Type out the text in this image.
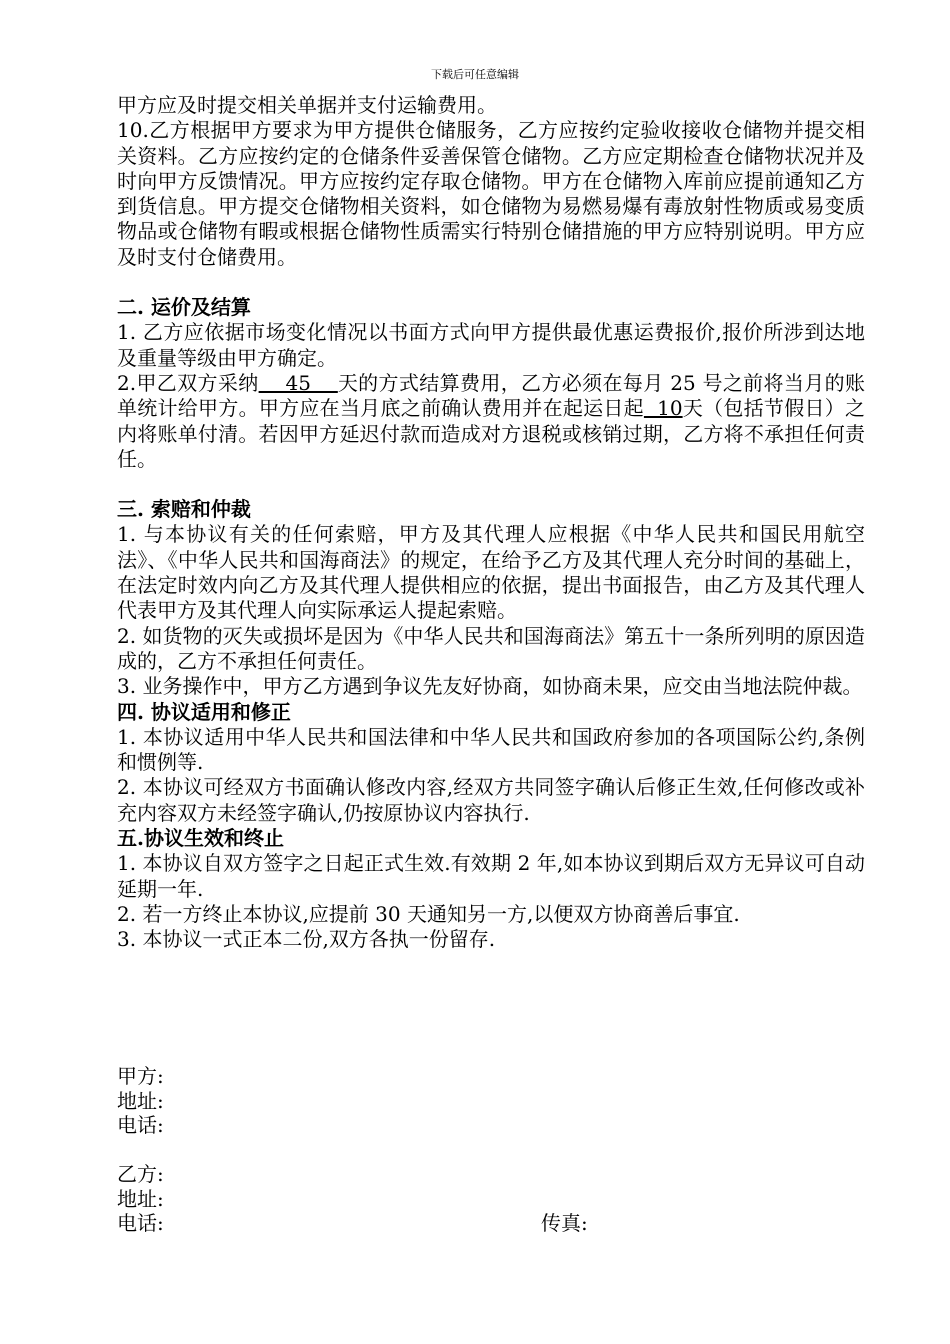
下载后可任意编辑

甲方应及时提交相关单据并支付运输费用。

10.乙方根据甲方要求为甲方提供仓储服务，乙方应按约定验收接收仓储物并提交相关资料。乙方应按约定的仓储条件妥善保管仓储物。乙方应定期检查仓储物状况并及时向甲方反馈情况。甲方应按约定存取仓储物。甲方在仓储物入库前应提前通知乙方到货信息。甲方提交仓储物相关资料，如仓储物为易燃易爆有毒放射性物质或易变质物品或仓储物有暇或根据仓储物性质需实行特别仓储措施的甲方应特别说明。甲方应及时支付仓储费用。

二. 运价及结算

1. 乙方应依据市场变化情况以书面方式向甲方提供最优惠运费报价,报价所涉到达地及重量等级由甲方确定。

2.甲乙双方采纳    45    天的方式结算费用，乙方必须在每月 25 号之前将当月的账单统计给甲方。甲方应在当月底之前确认费用并在起运日起  10天（包括节假日）之内将账单付清。若因甲方延迟付款而造成对方退税或核销过期，乙方将不承担任何责任。

三. 索赔和仲裁

1. 与本协议有关的任何索赔，甲方及其代理人应根据《中华人民共和国民用航空法》、《中华人民共和国海商法》的规定，在给予乙方及其代理人充分时间的基础上，在法定时效内向乙方及其代理人提供相应的依据，提出书面报告，由乙方及其代理人代表甲方及其代理人向实际承运人提起索赔。

2. 如货物的灭失或损坏是因为《中华人民共和国海商法》第五十一条所列明的原因造成的，乙方不承担任何责任。

3. 业务操作中，甲方乙方遇到争议先友好协商，如协商未果，应交由当地法院仲裁。

四. 协议适用和修正

1. 本协议适用中华人民共和国法律和中华人民共和国政府参加的各项国际公约,条例和惯例等.

2. 本协议可经双方书面确认修改内容,经双方共同签字确认后修正生效,任何修改或补充内容双方未经签字确认,仍按原协议内容执行.

五.协议生效和终止

1. 本协议自双方签字之日起正式生效.有效期 2 年,如本协议到期后双方无异议可自动延期一年.

2. 若一方终止本协议,应提前 30 天通知另一方,以便双方协商善后事宜.

3. 本协议一式正本二份,双方各执一份留存.

甲方:
地址:
电话:
乙方:
地址:
电话:	传真:
